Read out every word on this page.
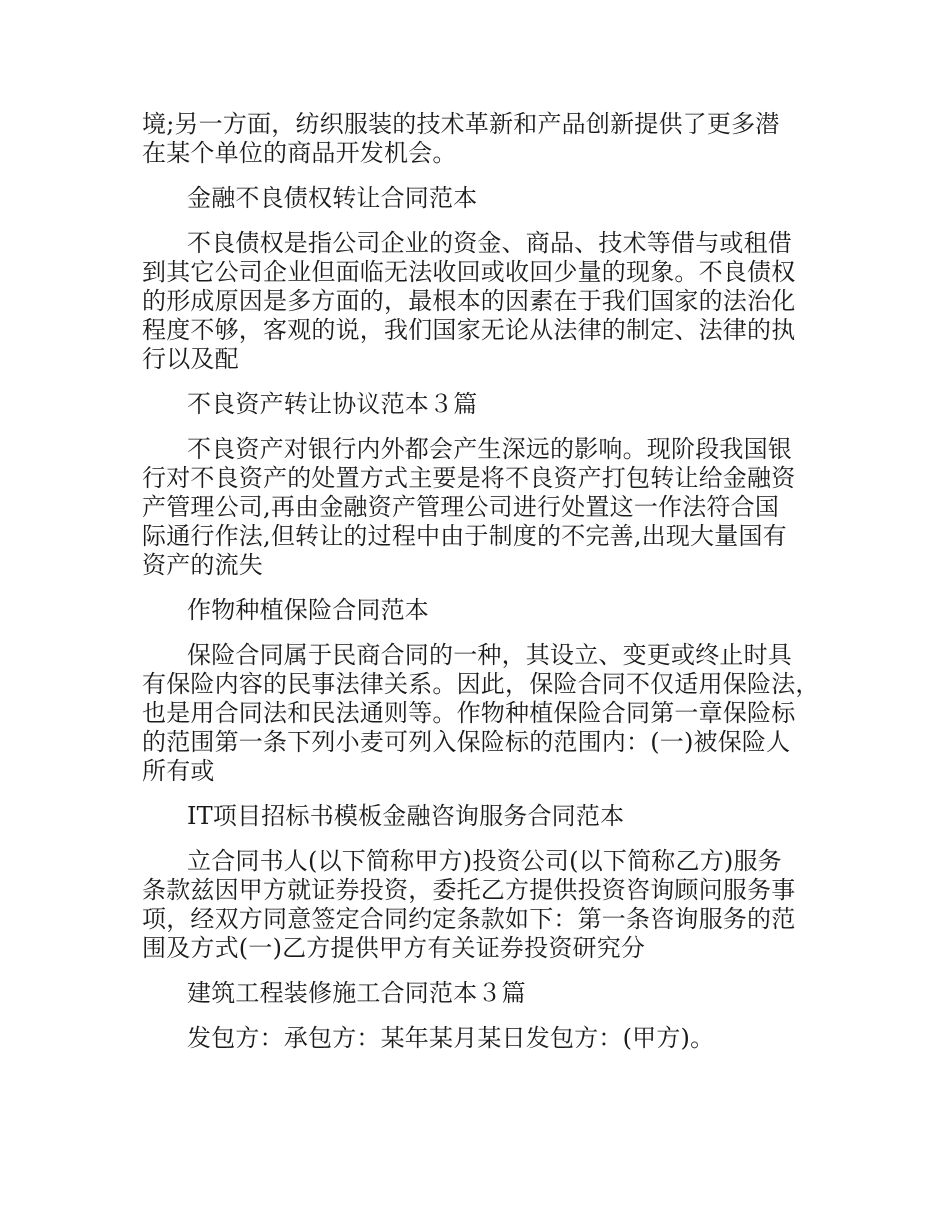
境;另一方面，纺织服装的技术革新和产品创新提供了更多潜
在某个单位的商品开发机会。
金融不良债权转让合同范本
不良债权是指公司企业的资金、商品、技术等借与或租借
到其它公司企业但面临无法收回或收回少量的现象。不良债权
的形成原因是多方面的，最根本的因素在于我们国家的法治化
程度不够，客观的说，我们国家无论从法律的制定、法律的执
行以及配
不良资产转让协议范本３篇
不良资产对银行内外都会产生深远的影响。现阶段我国银
行对不良资产的处置方式主要是将不良资产打包转让给金融资
产管理公司,再由金融资产管理公司进行处置这一作法符合国
际通行作法,但转让的过程中由于制度的不完善,出现大量国有
资产的流失
作物种植保险合同范本
保险合同属于民商合同的一种，其设立、变更或终止时具
有保险内容的民事法律关系。因此，保险合同不仅适用保险法，
也是用合同法和民法通则等。作物种植保险合同第一章保险标
的范围第一条下列小麦可列入保险标的范围内：(一)被保险人
所有或
IT项目招标书模板金融咨询服务合同范本
立合同书人(以下简称甲方)投资公司(以下简称乙方)服务
条款兹因甲方就证券投资，委托乙方提供投资咨询顾问服务事
项，经双方同意签定合同约定条款如下：第一条咨询服务的范
围及方式(一)乙方提供甲方有关证券投资研究分
建筑工程装修施工合同范本３篇
发包方：承包方：某年某月某日发包方：(甲方)。
